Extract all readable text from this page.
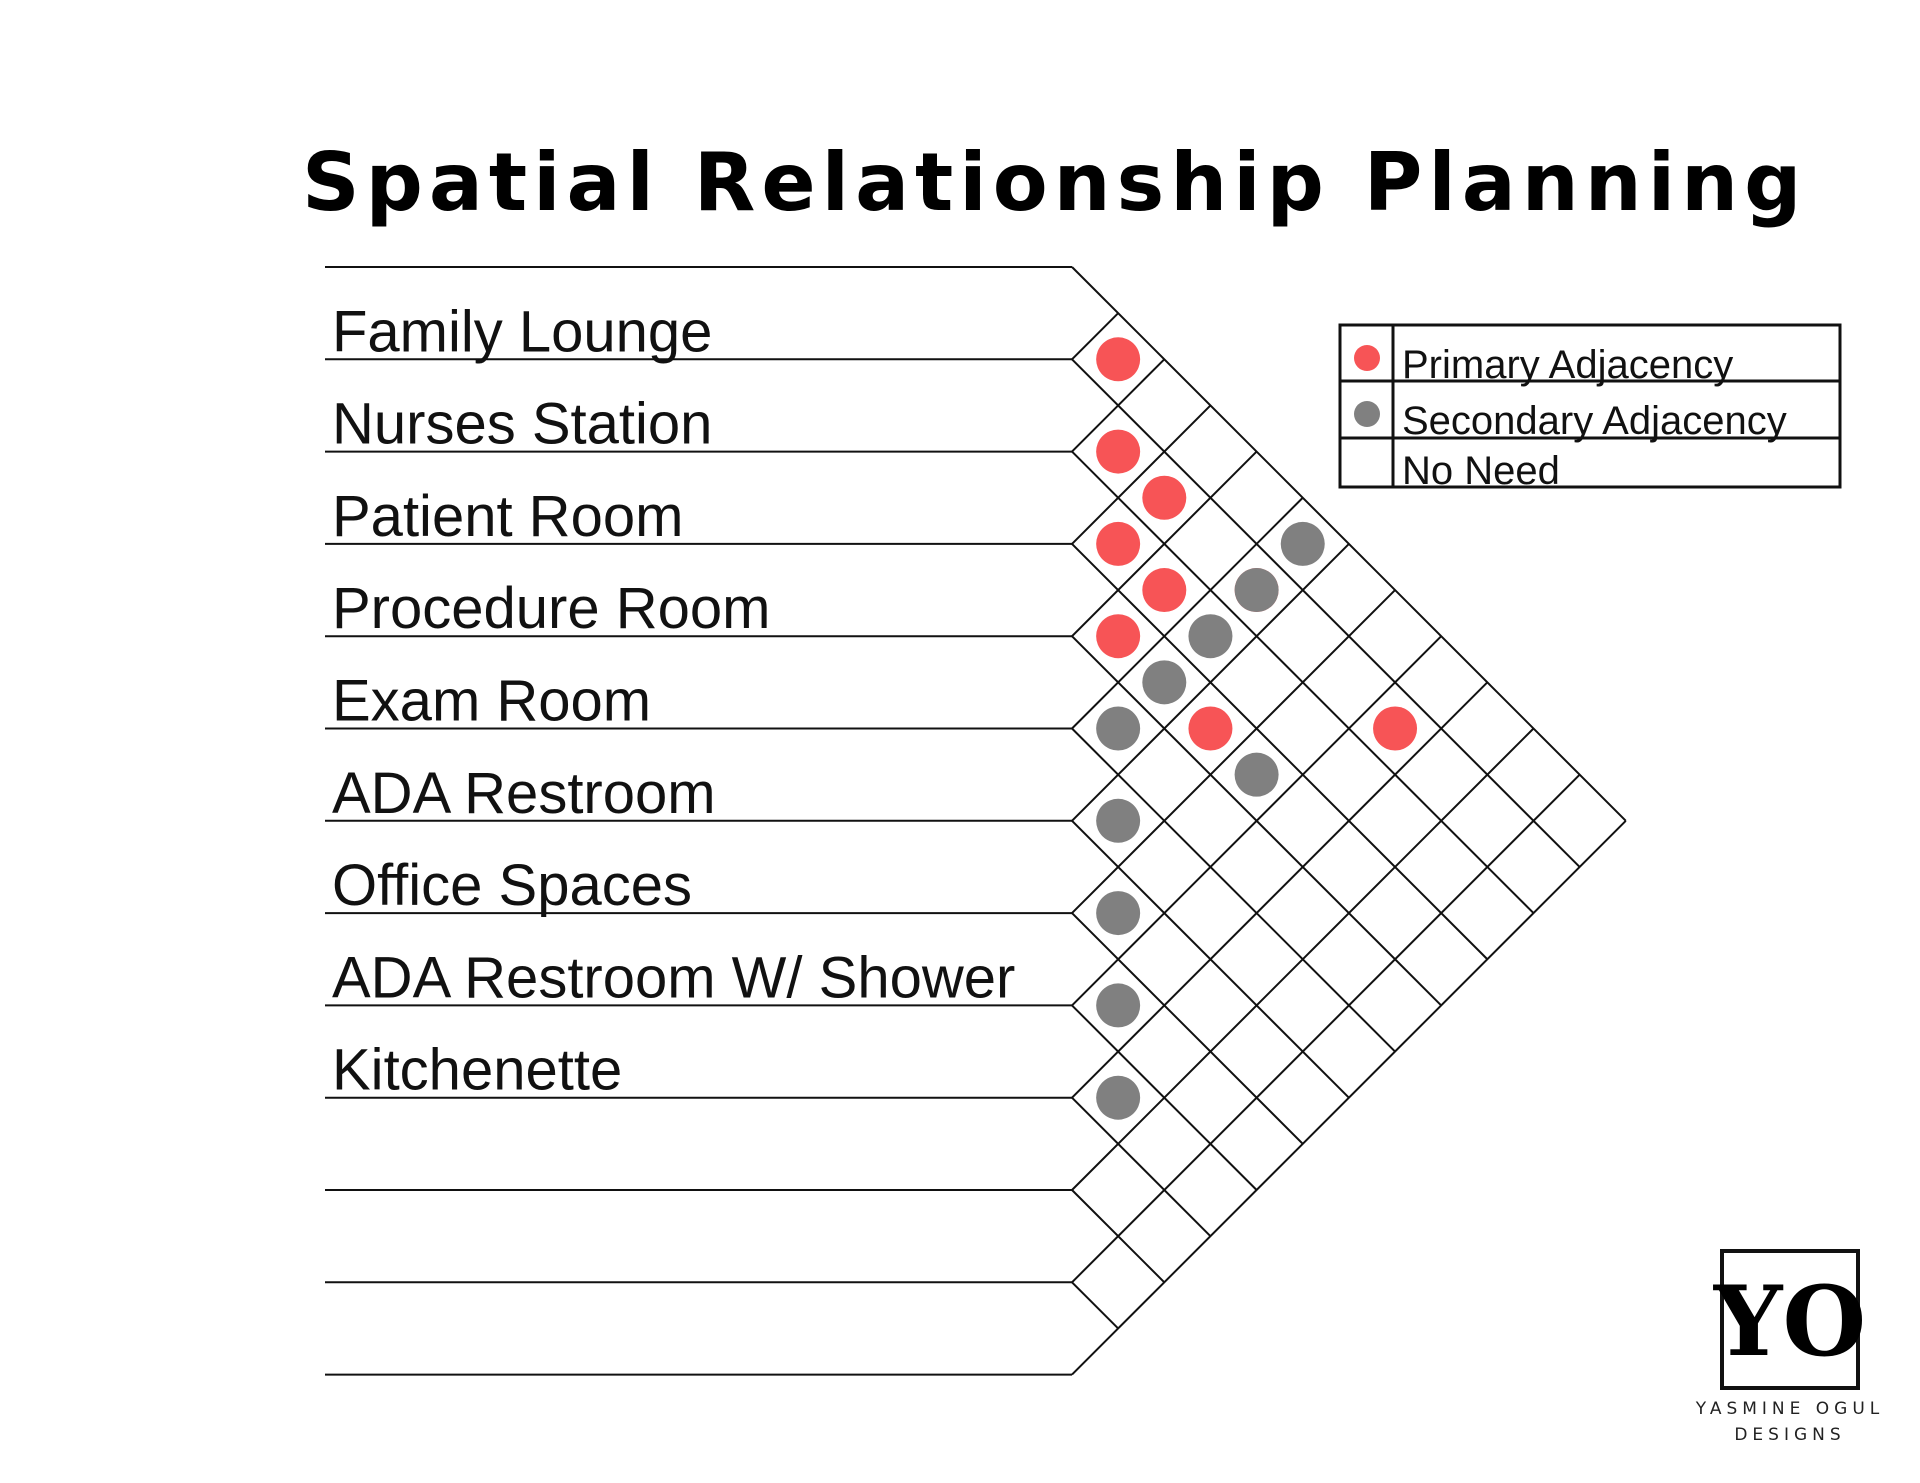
Spatial Relationship Planning
Family Lounge
Nurses Station
Patient Room
Procedure Room
Exam Room
ADA Restroom
Office Spaces
ADA Restroom W/ Shower
Kitchenette
Primary Adjacency
Secondary Adjacency
No Need
YO
YASMINE OGUL
DESIGNS
